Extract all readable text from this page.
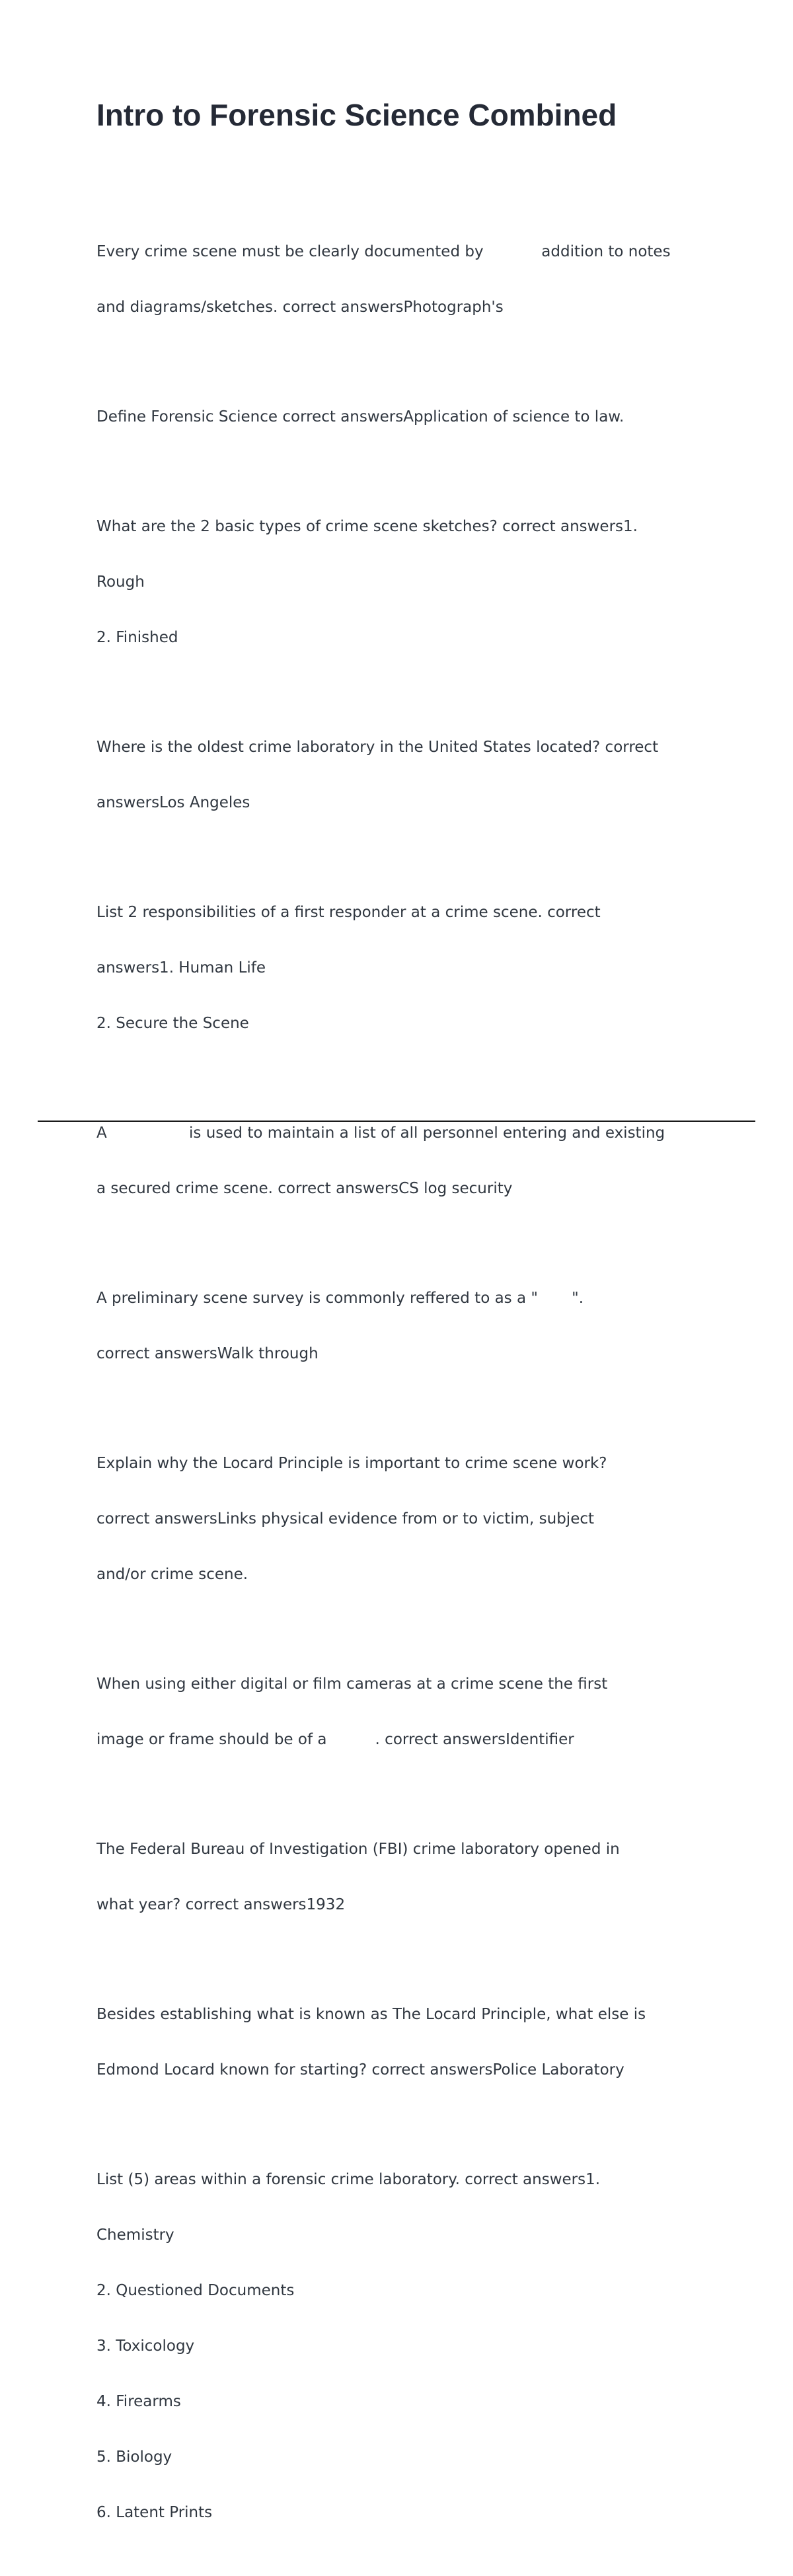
Intro to Forensic Science Combined

Every crime scene must be clearly documented by            addition to notes

and diagrams/sketches. correct answersPhotograph's

Define Forensic Science correct answersApplication of science to law.

What are the 2 basic types of crime scene sketches? correct answers1.

Rough

2. Finished

Where is the oldest crime laboratory in the United States located? correct

answersLos Angeles

List 2 responsibilities of a first responder at a crime scene. correct

answers1. Human Life

2. Secure the Scene

A                 is used to maintain a list of all personnel entering and existing

a secured crime scene. correct answersCS log security

A preliminary scene survey is commonly reffered to as a "       ".

correct answersWalk through

Explain why the Locard Principle is important to crime scene work?

correct answersLinks physical evidence from or to victim, subject

and/or crime scene.

When using either digital or film cameras at a crime scene the first

image or frame should be of a          . correct answersIdentifier

The Federal Bureau of Investigation (FBI) crime laboratory opened in

what year? correct answers1932

Besides establishing what is known as The Locard Principle, what else is

Edmond Locard known for starting? correct answersPolice Laboratory

List (5) areas within a forensic crime laboratory. correct answers1.

Chemistry

2. Questioned Documents

3. Toxicology

4. Firearms

5. Biology

6. Latent Prints
